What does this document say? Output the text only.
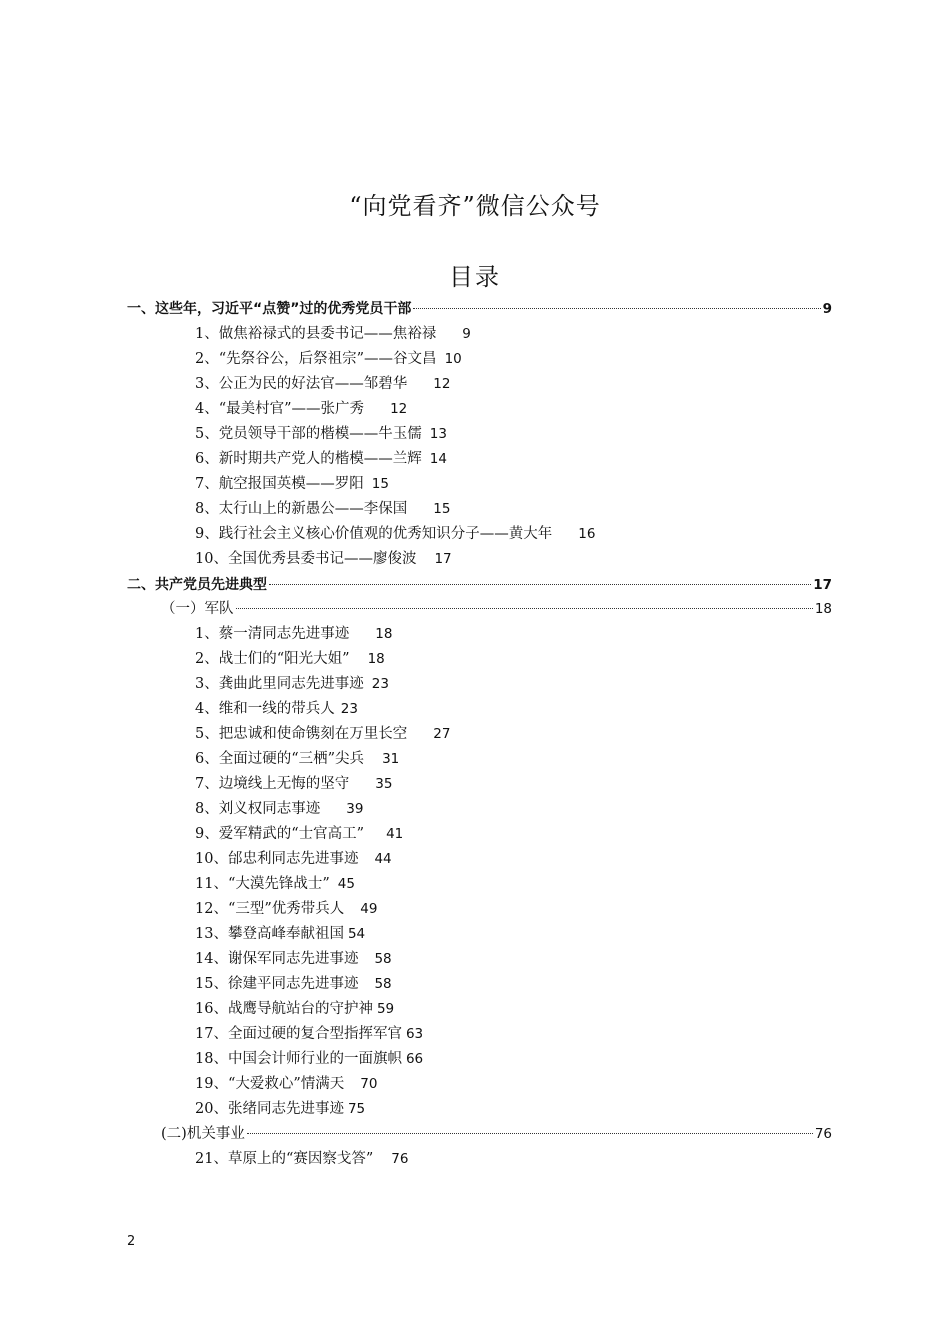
“向党看齐”微信公众号
目录
一、这些年，习近平“点赞”过的优秀党员干部	9
1、做焦裕禄式的县委书记——焦裕禄 9
2、“先祭谷公，后祭祖宗”——谷文昌 10
3、公正为民的好法官——邹碧华 12
4、“最美村官”——张广秀 12
5、党员领导干部的楷模——牛玉儒 13
6、新时期共产党人的楷模——兰辉 14
7、航空报国英模——罗阳 15
8、太行山上的新愚公——李保国 15
9、践行社会主义核心价值观的优秀知识分子——黄大年 16
10、全国优秀县委书记——廖俊波 17
二、共产党员先进典型	17
（一）军队	18
1、蔡一清同志先进事迹 18
2、战士们的“阳光大姐” 18
3、龚曲此里同志先进事迹 23
4、维和一线的带兵人 23
5、把忠诚和使命镌刻在万里长空 27
6、全面过硬的“三栖”尖兵 31
7、边境线上无悔的坚守 35
8、刘义权同志事迹 39
9、爱军精武的“士官高工” 41
10、邰忠利同志先进事迹 44
11、“大漠先锋战士” 45
12、“三型”优秀带兵人 49
13、攀登高峰奉献祖国 54
14、谢保军同志先进事迹 58
15、徐建平同志先进事迹 58
16、战鹰导航站台的守护神 59
17、全面过硬的复合型指挥军官 63
18、中国会计师行业的一面旗帜 66
19、“大爱救心”情满天 70
20、张绪同志先进事迹 75
(二)机关事业	76
21、草原上的“赛因察戈答” 76
2
